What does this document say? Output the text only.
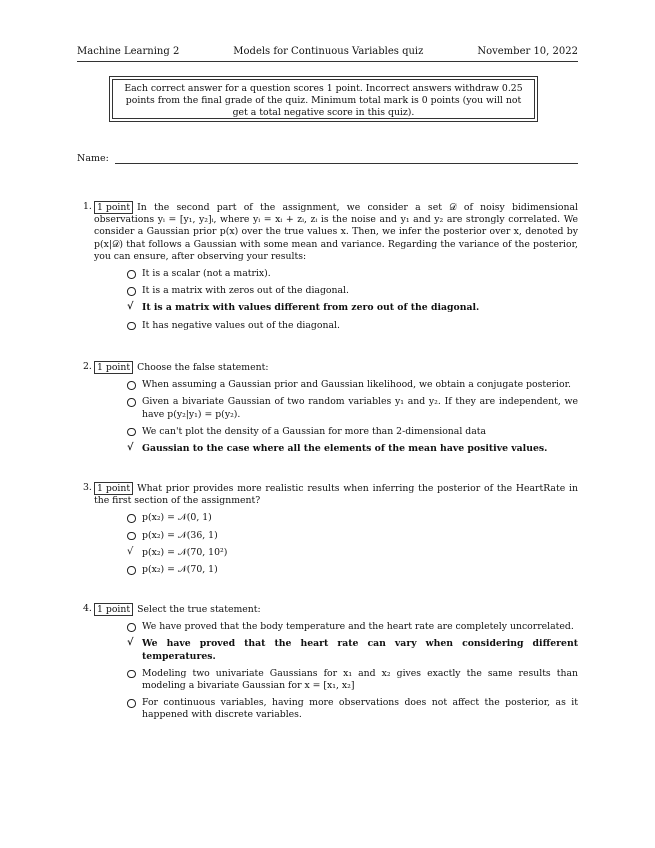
Machine Learning 2	Models for Continuous Variables quiz	November 10, 2022
Each correct answer for a question scores 1 point. Incorrect answers withdraw 0.25 points from the final grade of the quiz. Minimum total mark is 0 points (you will not get a total negative score in this quiz).
Name:
1. 1 point In the second part of the assignment, we consider a set 𝒟 of noisy bidimensional observations yᵢ = [y₁, y₂]ᵢ, where yᵢ = xᵢ + zᵢ, zᵢ is the noise and y₁ and y₂ are strongly correlated. We consider a Gaussian prior p(x) over the true values x. Then, we infer the posterior over x, denoted by p(x|𝒟) that follows a Gaussian with some mean and variance. Regarding the variance of the posterior, you can ensure, after observing your results:
It is a scalar (not a matrix).
It is a matrix with zeros out of the diagonal.
√ It is a matrix with values different from zero out of the diagonal.
It has negative values out of the diagonal.
2. 1 point Choose the false statement:
When assuming a Gaussian prior and Gaussian likelihood, we obtain a conjugate posterior.
Given a bivariate Gaussian of two random variables y₁ and y₂. If they are independent, we have p(y₂|y₁) = p(y₂).
We can't plot the density of a Gaussian for more than 2-dimensional data
√ Gaussian to the case where all the elements of the mean have positive values.
3. 1 point What prior provides more realistic results when inferring the posterior of the HeartRate in the first section of the assignment?
p(x₂) = 𝒩(0, 1)
p(x₂) = 𝒩(36, 1)
√ p(x₂) = 𝒩(70, 10²)
p(x₂) = 𝒩(70, 1)
4. 1 point Select the true statement:
We have proved that the body temperature and the heart rate are completely uncorrelated.
√ We have proved that the heart rate can vary when considering different temperatures.
Modeling two univariate Gaussians for x₁ and x₂ gives exactly the same results than modeling a bivariate Gaussian for x = [x₁, x₂]
For continuous variables, having more observations does not affect the posterior, as it happened with discrete variables.
